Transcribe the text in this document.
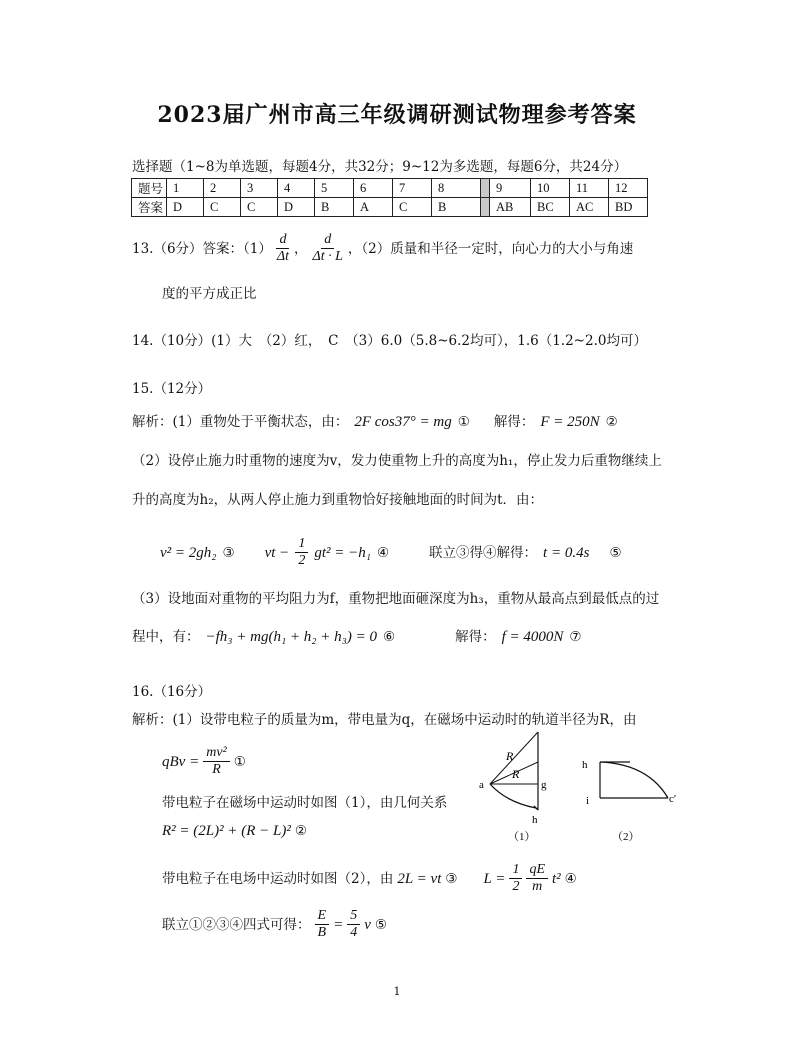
2023届广州市高三年级调研测试物理参考答案
选择题（1~8为单选题，每题4分，共32分；9~12为多选题，每题6分，共24分）
题号	1	2	3	4	5	6	7	8		9	10	11	12
答案	D	C	C	D	B	A	C	B		AB	BC	AC	BD
13.（6分）答案：$(1) \frac{d}{\Delta t}$ ， $\frac{d}{\Delta t \cdot L}$ ，（2）质量和半径一定时，向心力的大小与角速
度的平方成正比
14.（10分）(1）大　（2）红，　C　（3）6.0（5.8~6.2均可），1.6（1.2~2.0均可）
15.（12分）
解析：(1）重物处于平衡状态，由： 2F cos37° = mg ① 解得： F = 250N ②
（2）设停止施力时重物的速度为v，发力使重物上升的高度为h₁，停止发力后重物继续上
升的高度为h₂，从两人停止施力到重物恰好接触地面的时间为t．由：
v² = 2gh₂ ③ vt − $\frac{1}{2} gt^2 = -h_1$ ④	联立③得④解得： t = 0.4s ⑤
（3）设地面对重物的平均阻力为f，重物把地面砸深度为h₃，重物从最高点到最低点的过
程中，有： −fh₃ + mg(h₁ + h₂ + h₃) = 0 ⑥	解得： f = 4000N ⑦
16.（16分）
解析：(1）设带电粒子的质量为m，带电量为q，在磁场中运动时的轨道半径为R，由
qBv = $\frac{\text{mv²}}{R}$ ①
带电粒子在磁场中运动时如图（1），由几何关系
R² = (2L)² + (R − L)² ②
带电粒子在电场中运动时如图（2），由 2L = vt ③ $L = \frac{1}{2} \frac{qE}{m} t^2$ ④
联立①②③④四式可得： $\frac{E}{B} = \frac{5}{4}$ v ⑤
R
R
a	g
h
（1）
h
i	c′
（2）
1
